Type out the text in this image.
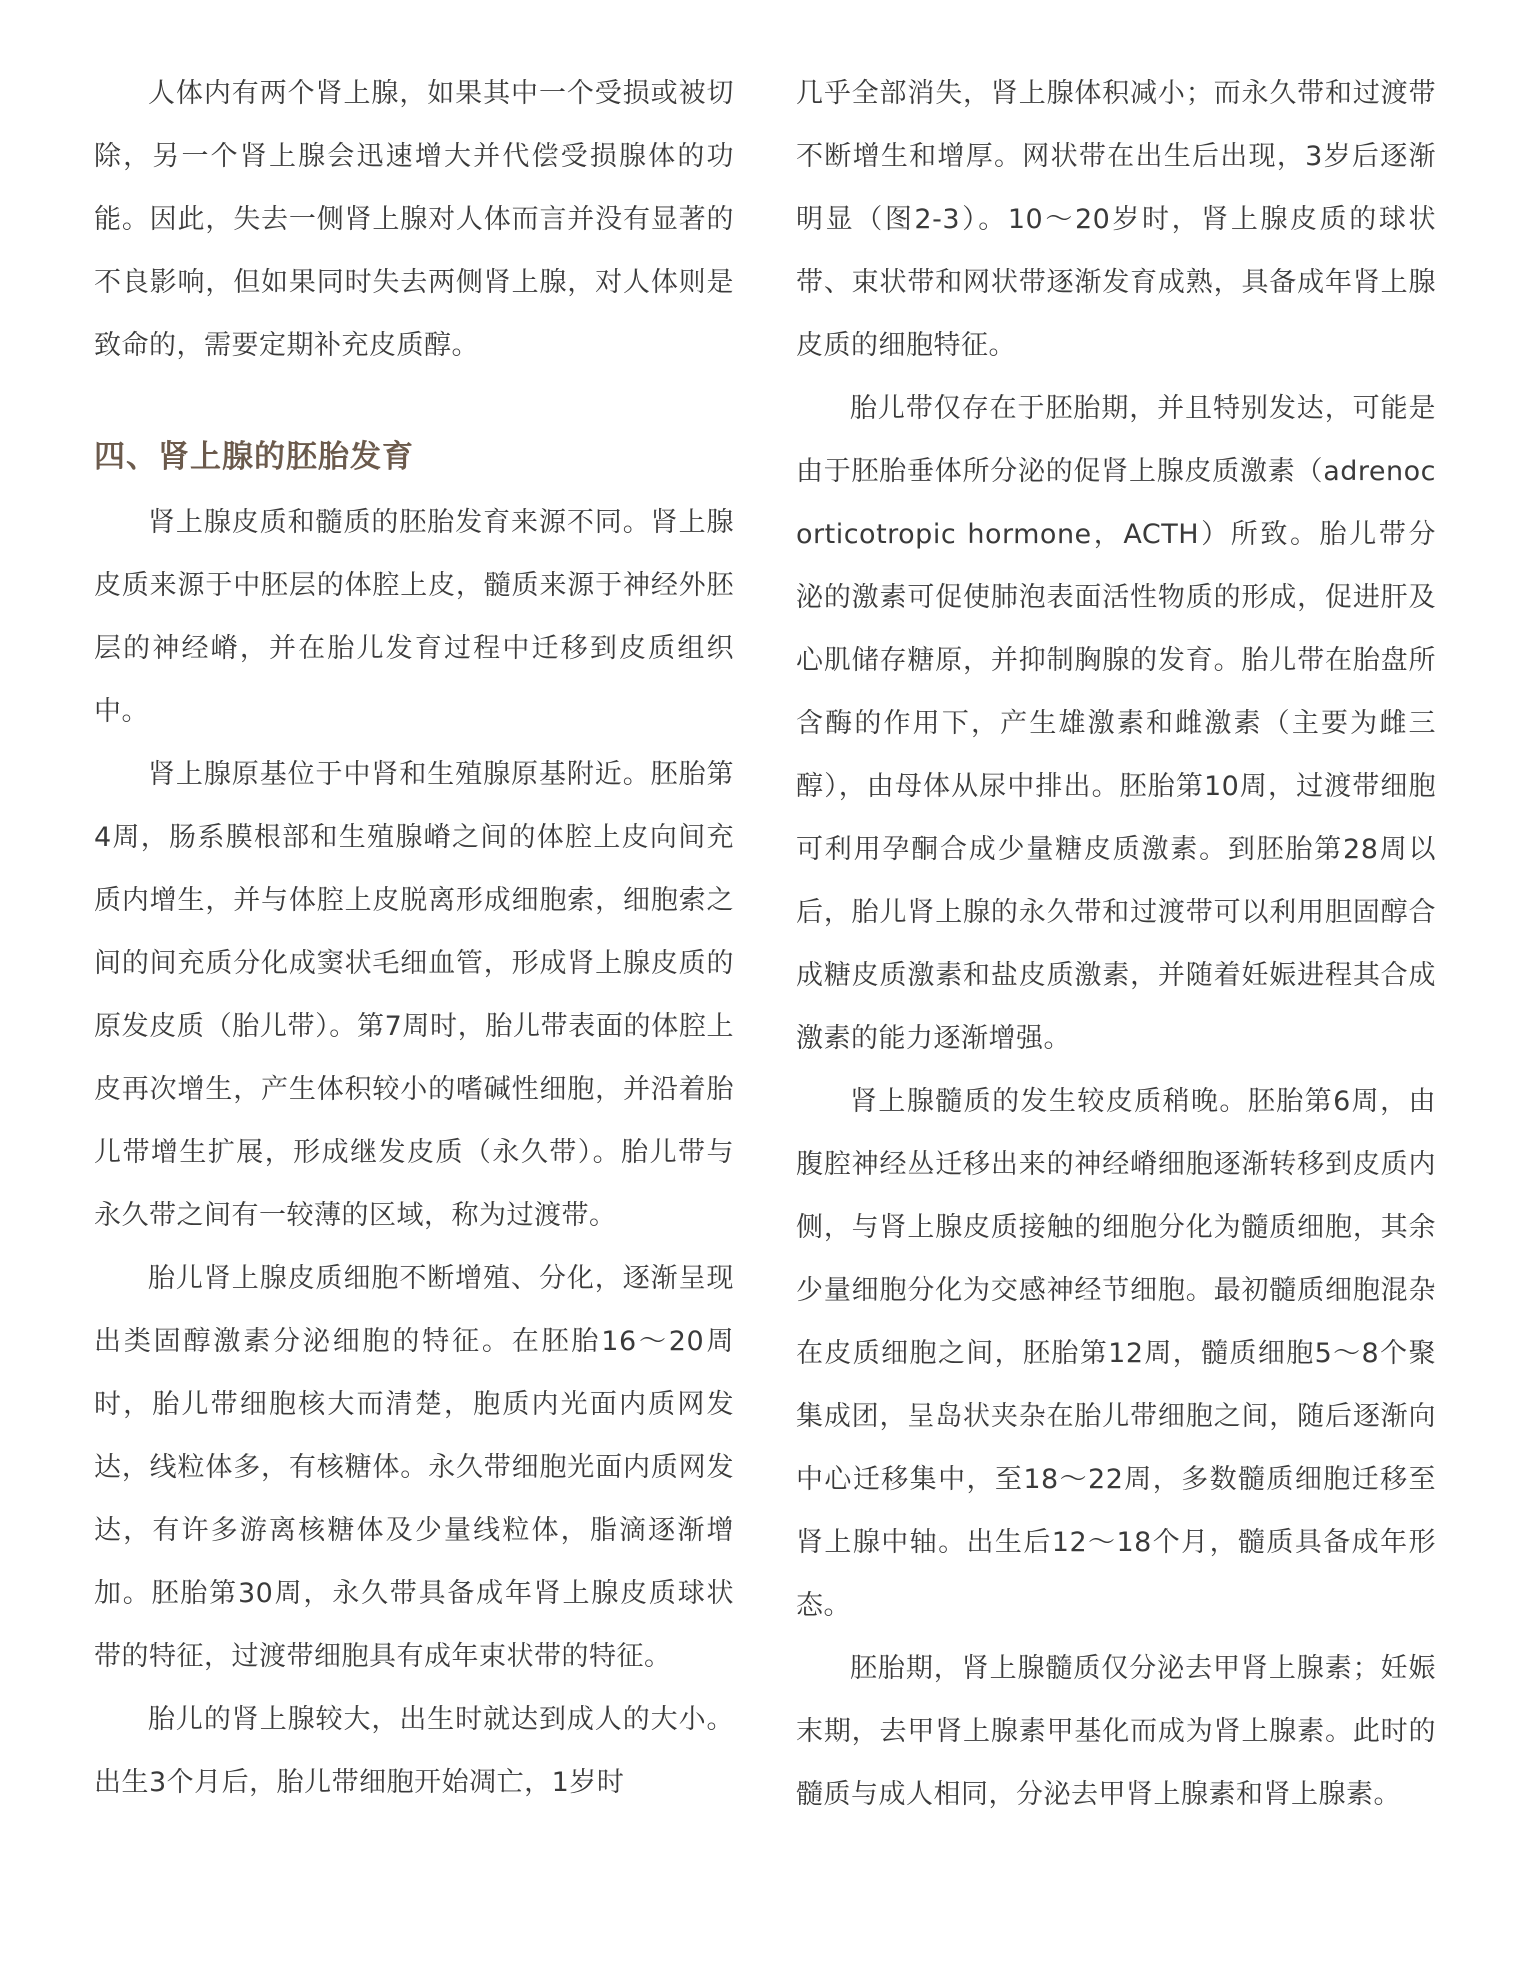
人体内有两个肾上腺，如果其中一个受损或被切除，另一个肾上腺会迅速增大并代偿受损腺体的功能。因此，失去一侧肾上腺对人体而言并没有显著的不良影响，但如果同时失去两侧肾上腺，对人体则是致命的，需要定期补充皮质醇。

四、肾上腺的胚胎发育

肾上腺皮质和髓质的胚胎发育来源不同。肾上腺皮质来源于中胚层的体腔上皮，髓质来源于神经外胚层的神经嵴，并在胎儿发育过程中迁移到皮质组织中。

肾上腺原基位于中肾和生殖腺原基附近。胚胎第4周，肠系膜根部和生殖腺嵴之间的体腔上皮向间充质内增生，并与体腔上皮脱离形成细胞索，细胞索之间的间充质分化成窦状毛细血管，形成肾上腺皮质的原发皮质（胎儿带）。第7周时，胎儿带表面的体腔上皮再次增生，产生体积较小的嗜碱性细胞，并沿着胎儿带增生扩展，形成继发皮质（永久带）。胎儿带与永久带之间有一较薄的区域，称为过渡带。

胎儿肾上腺皮质细胞不断增殖、分化，逐渐呈现出类固醇激素分泌细胞的特征。在胚胎16～20周时，胎儿带细胞核大而清楚，胞质内光面内质网发达，线粒体多，有核糖体。永久带细胞光面内质网发达，有许多游离核糖体及少量线粒体，脂滴逐渐增加。胚胎第30周，永久带具备成年肾上腺皮质球状带的特征，过渡带细胞具有成年束状带的特征。

胎儿的肾上腺较大，出生时就达到成人的大小。出生3个月后，胎儿带细胞开始凋亡，1岁时

几乎全部消失，肾上腺体积减小；而永久带和过渡带不断增生和增厚。网状带在出生后出现，3岁后逐渐明显（图2-3）。10～20岁时，肾上腺皮质的球状带、束状带和网状带逐渐发育成熟，具备成年肾上腺皮质的细胞特征。

胎儿带仅存在于胚胎期，并且特别发达，可能是由于胚胎垂体所分泌的促肾上腺皮质激素（adrenocorticotropic hormone，ACTH）所致。胎儿带分泌的激素可促使肺泡表面活性物质的形成，促进肝及心肌储存糖原，并抑制胸腺的发育。胎儿带在胎盘所含酶的作用下，产生雄激素和雌激素（主要为雌三醇），由母体从尿中排出。胚胎第10周，过渡带细胞可利用孕酮合成少量糖皮质激素。到胚胎第28周以后，胎儿肾上腺的永久带和过渡带可以利用胆固醇合成糖皮质激素和盐皮质激素，并随着妊娠进程其合成激素的能力逐渐增强。

肾上腺髓质的发生较皮质稍晚。胚胎第6周，由腹腔神经丛迁移出来的神经嵴细胞逐渐转移到皮质内侧，与肾上腺皮质接触的细胞分化为髓质细胞，其余少量细胞分化为交感神经节细胞。最初髓质细胞混杂在皮质细胞之间，胚胎第12周，髓质细胞5～8个聚集成团，呈岛状夹杂在胎儿带细胞之间，随后逐渐向中心迁移集中，至18～22周，多数髓质细胞迁移至肾上腺中轴。出生后12～18个月，髓质具备成年形态。

胚胎期，肾上腺髓质仅分泌去甲肾上腺素；妊娠末期，去甲肾上腺素甲基化而成为肾上腺素。此时的髓质与成人相同，分泌去甲肾上腺素和肾上腺素。
